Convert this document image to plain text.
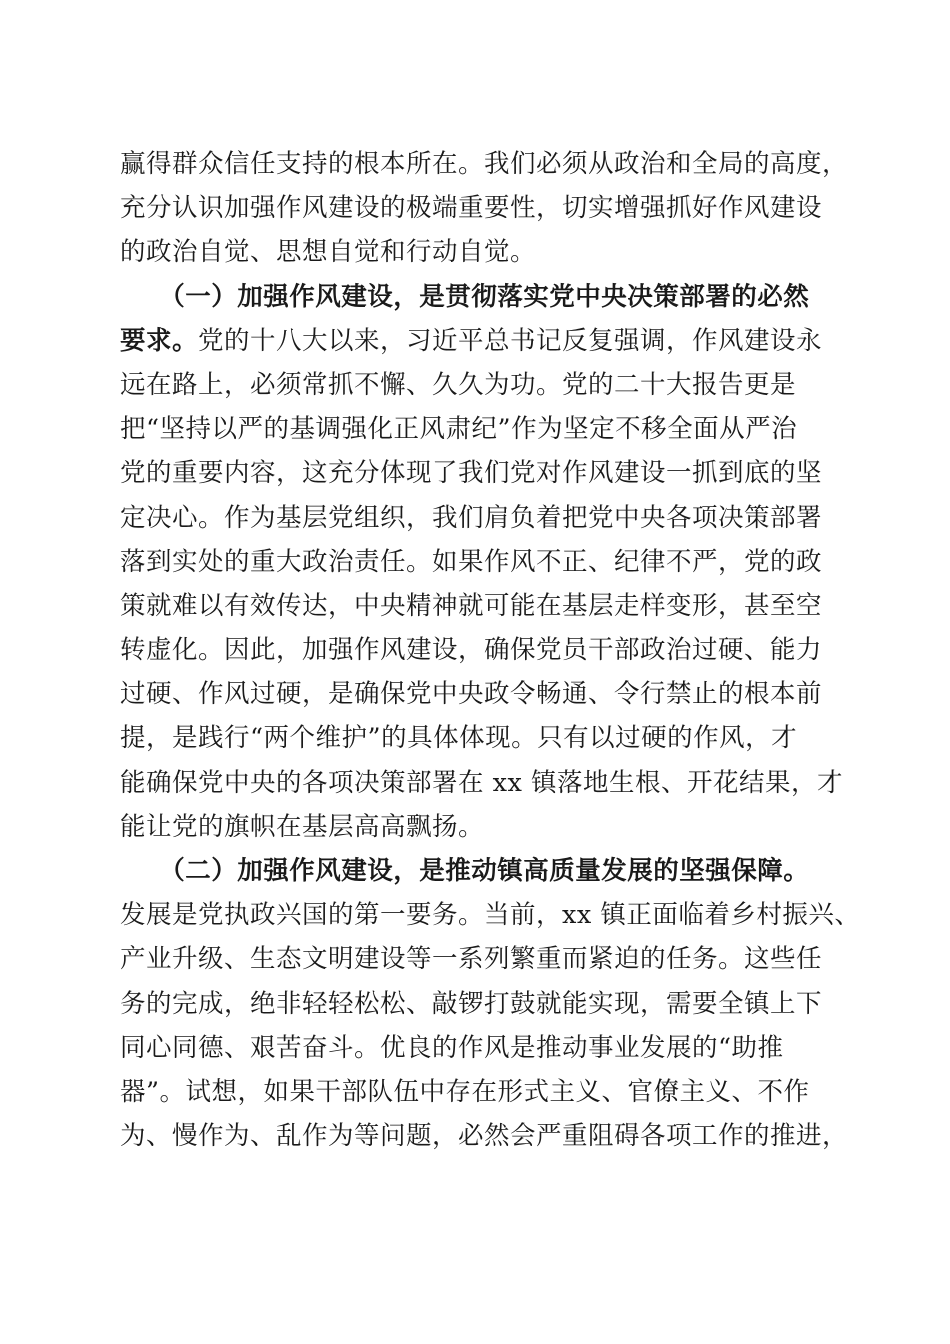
赢得群众信任支持的根本所在。我们必须从政治和全局的高度，
充分认识加强作风建设的极端重要性，切实增强抓好作风建设
的政治自觉、思想自觉和行动自觉。
　　（一）加强作风建设，是贯彻落实党中央决策部署的必然
要求。党的十八大以来，习近平总书记反复强调，作风建设永
远在路上，必须常抓不懈、久久为功。党的二十大报告更是
把“坚持以严的基调强化正风肃纪”作为坚定不移全面从严治
党的重要内容，这充分体现了我们党对作风建设一抓到底的坚
定决心。作为基层党组织，我们肩负着把党中央各项决策部署
落到实处的重大政治责任。如果作风不正、纪律不严，党的政
策就难以有效传达，中央精神就可能在基层走样变形，甚至空
转虚化。因此，加强作风建设，确保党员干部政治过硬、能力
过硬、作风过硬，是确保党中央政令畅通、令行禁止的根本前
提，是践行“两个维护”的具体体现。只有以过硬的作风，才
能确保党中央的各项决策部署在 xx 镇落地生根、开花结果，才
能让党的旗帜在基层高高飘扬。
　　（二）加强作风建设，是推动镇高质量发展的坚强保障。
发展是党执政兴国的第一要务。当前，xx 镇正面临着乡村振兴、
产业升级、生态文明建设等一系列繁重而紧迫的任务。这些任
务的完成，绝非轻轻松松、敲锣打鼓就能实现，需要全镇上下
同心同德、艰苦奋斗。优良的作风是推动事业发展的“助推
器”。试想，如果干部队伍中存在形式主义、官僚主义、不作
为、慢作为、乱作为等问题，必然会严重阻碍各项工作的推进，
